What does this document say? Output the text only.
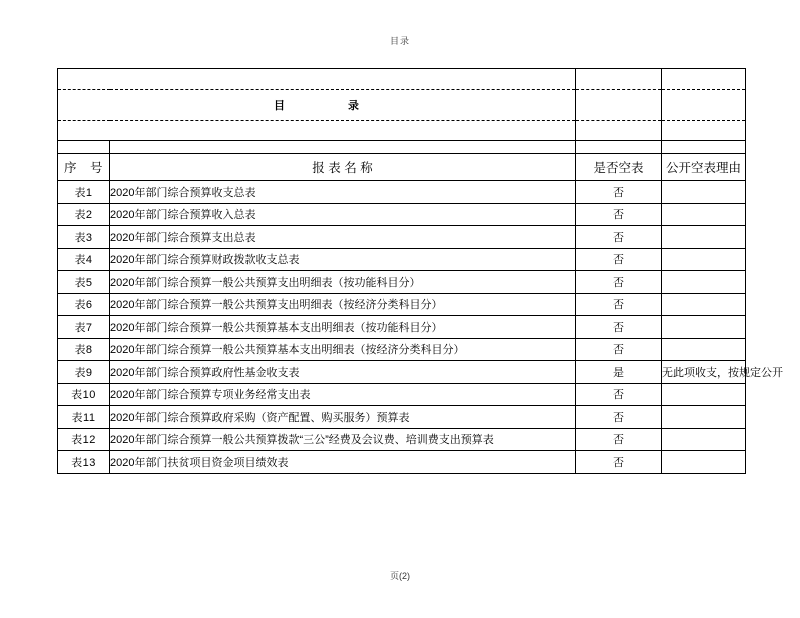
目录

目　录			

序　号	报 表 名 称	是否空表	公开空表理由
表1	2020年部门综合预算收支总表	否	
表2	2020年部门综合预算收入总表	否	
表3	2020年部门综合预算支出总表	否	
表4	2020年部门综合预算财政拨款收支总表	否	
表5	2020年部门综合预算一般公共预算支出明细表（按功能科目分）	否	
表6	2020年部门综合预算一般公共预算支出明细表（按经济分类科目分）	否	
表7	2020年部门综合预算一般公共预算基本支出明细表（按功能科目分）	否	
表8	2020年部门综合预算一般公共预算基本支出明细表（按经济分类科目分）	否	
表9	2020年部门综合预算政府性基金收支表	是	无此项收支，按规定公开
表10	2020年部门综合预算专项业务经常支出表	否	
表11	2020年部门综合预算政府采购（资产配置、购买服务）预算表	否	
表12	2020年部门综合预算一般公共预算拨款“三公”经费及会议费、培训费支出预算表	否	
表13	2020年部门扶贫项目资金项目绩效表	否	
页(2)
